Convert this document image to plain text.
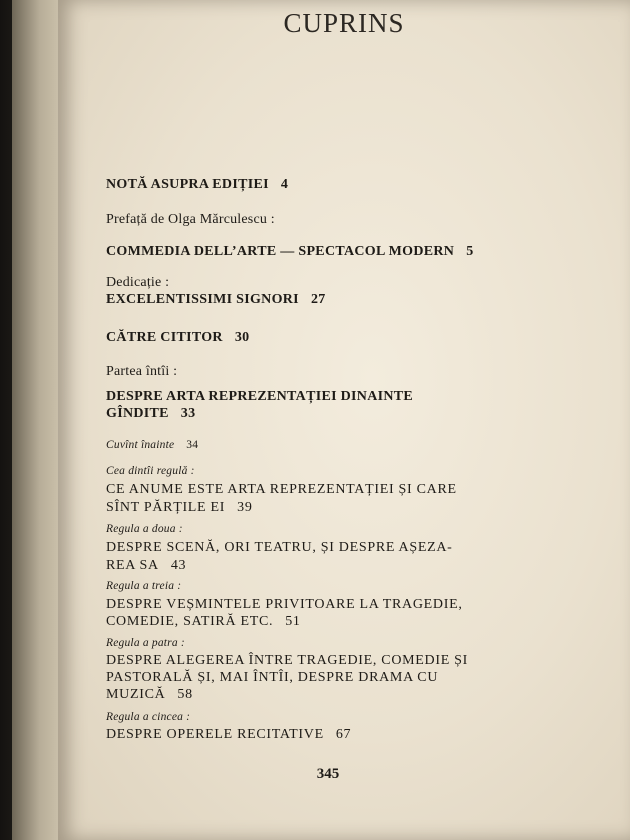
CUPRINS
NOTĂ ASUPRA EDIȚIEI 4
Prefață de Olga Mărculescu :
COMMEDIA DELL’ARTE — SPECTACOL MODERN 5
Dedicație :
EXCELENTISSIMI SIGNORI 27
CĂTRE CITITOR 30
Partea întîi :
DESPRE ARTA REPREZENTAȚIEI DINAINTE
GÎNDITE 33
Cuvînt înainte 34
Cea dintîi regulă :
CE ANUME ESTE ARTA REPREZENTAȚIEI ȘI CARE
SÎNT PĂRȚILE EI 39
Regula a doua :
DESPRE SCENĂ, ORI TEATRU, ȘI DESPRE AȘEZA-
REA SA 43
Regula a treia :
DESPRE VEȘMINTELE PRIVITOARE LA TRAGEDIE,
COMEDIE, SATIRĂ ETC. 51
Regula a patra :
DESPRE ALEGEREA ÎNTRE TRAGEDIE, COMEDIE ȘI
PASTORALĂ ȘI, MAI ÎNTÎI, DESPRE DRAMA CU
MUZICĂ 58
Regula a cincea :
DESPRE OPERELE RECITATIVE 67
345
